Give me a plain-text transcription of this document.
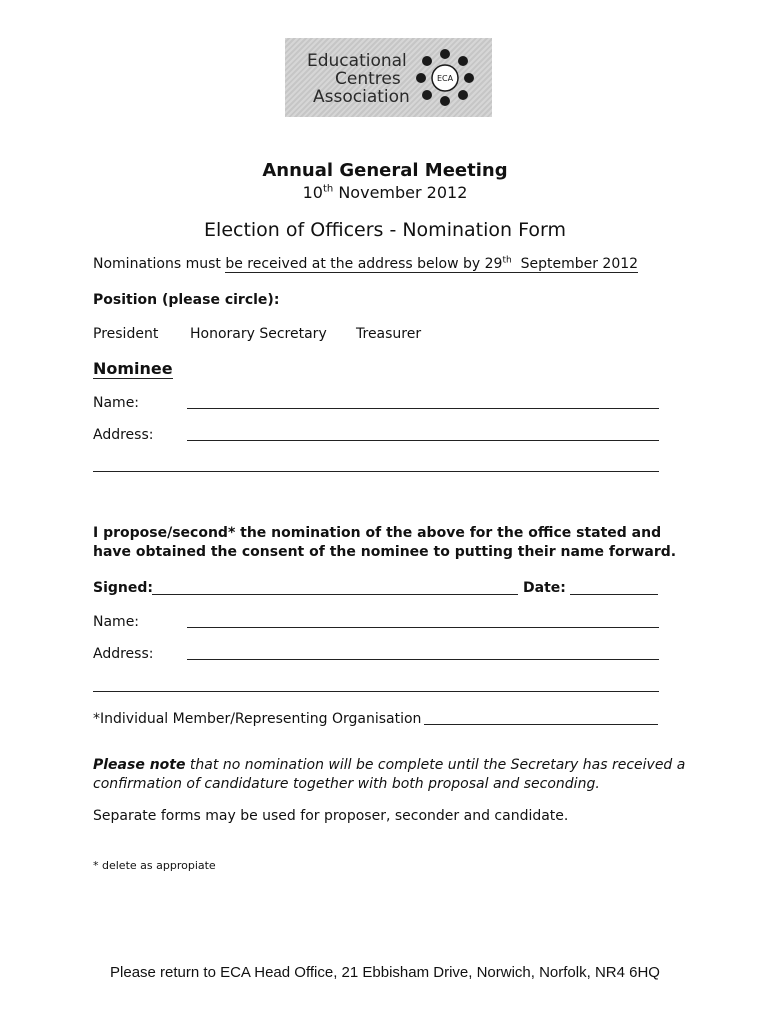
Educational
Centres
Association
ECA
Annual General Meeting
10th November 2012
Election of Officers - Nomination Form
Nominations must be received at the address below by 29th  September 2012
Position (please circle):
President Honorary Secretary Treasurer
Nominee
Name:
Address:
I propose/second* the nomination of the above for the office stated and
have obtained the consent of the nominee to putting their name forward.
Signed:	Date:
Name:
Address:
*Individual Member/Representing Organisation
Please note that no nomination will be complete until the Secretary has received a
confirmation of candidature together with both proposal and seconding.
Separate forms may be used for proposer, seconder and candidate.
* delete as appropiate
Please return to ECA Head Office, 21 Ebbisham Drive, Norwich, Norfolk, NR4 6HQ
